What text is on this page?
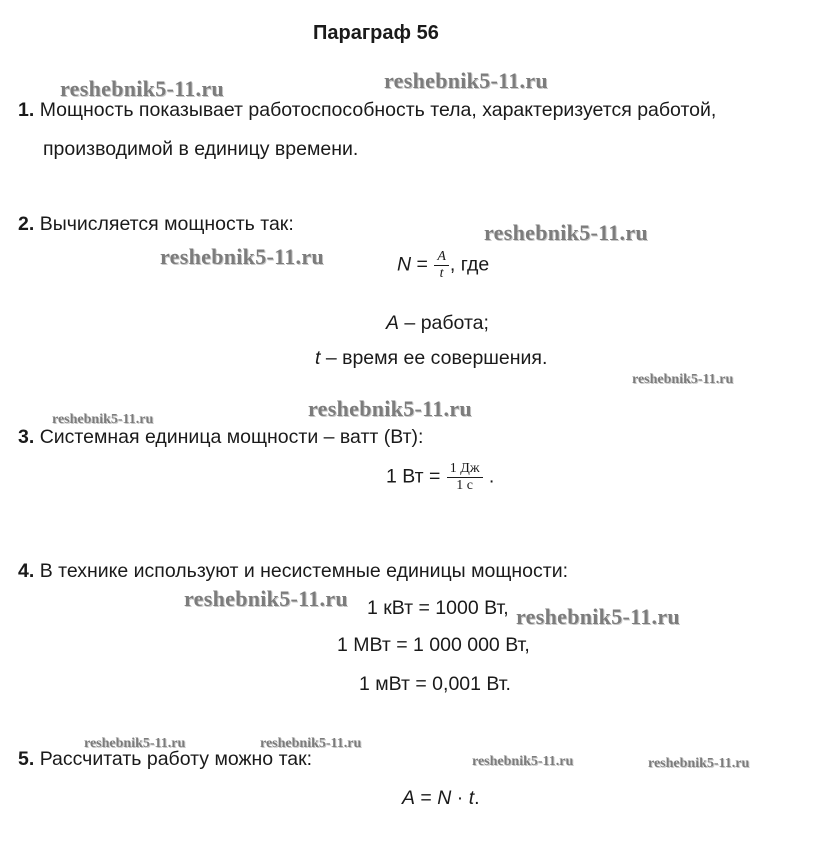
Параграф 56
1. Мощность показывает работоспособность тела, характеризуется работой,
производимой в единицу времени.
2. Вычисляется мощность так:
$N = \frac{A}{t}$ , где
A – работа;
t – время ее совершения.
3. Системная единица мощности – ватт (Вт):
1 Вт = $\frac{1 Дж}{1 с}$ .
4. В технике используют и несистемные единицы мощности:
1 кВт = 1000 Вт,
1 МВт = 1 000 000 Вт,
1 мВт = 0,001 Вт.
5. Рассчитать работу можно так:
A = N · t.
reshebnik5-11.ru	reshebnik5-11.ru
reshebnik5-11.ru
reshebnik5-11.ru
reshebnik5-11.ru
reshebnik5-11.ru
reshebnik5-11.ru
reshebnik5-11.ru
reshebnik5-11.ru
reshebnik5-11.ru	reshebnik5-11.ru
reshebnik5-11.ru	reshebnik5-11.ru
